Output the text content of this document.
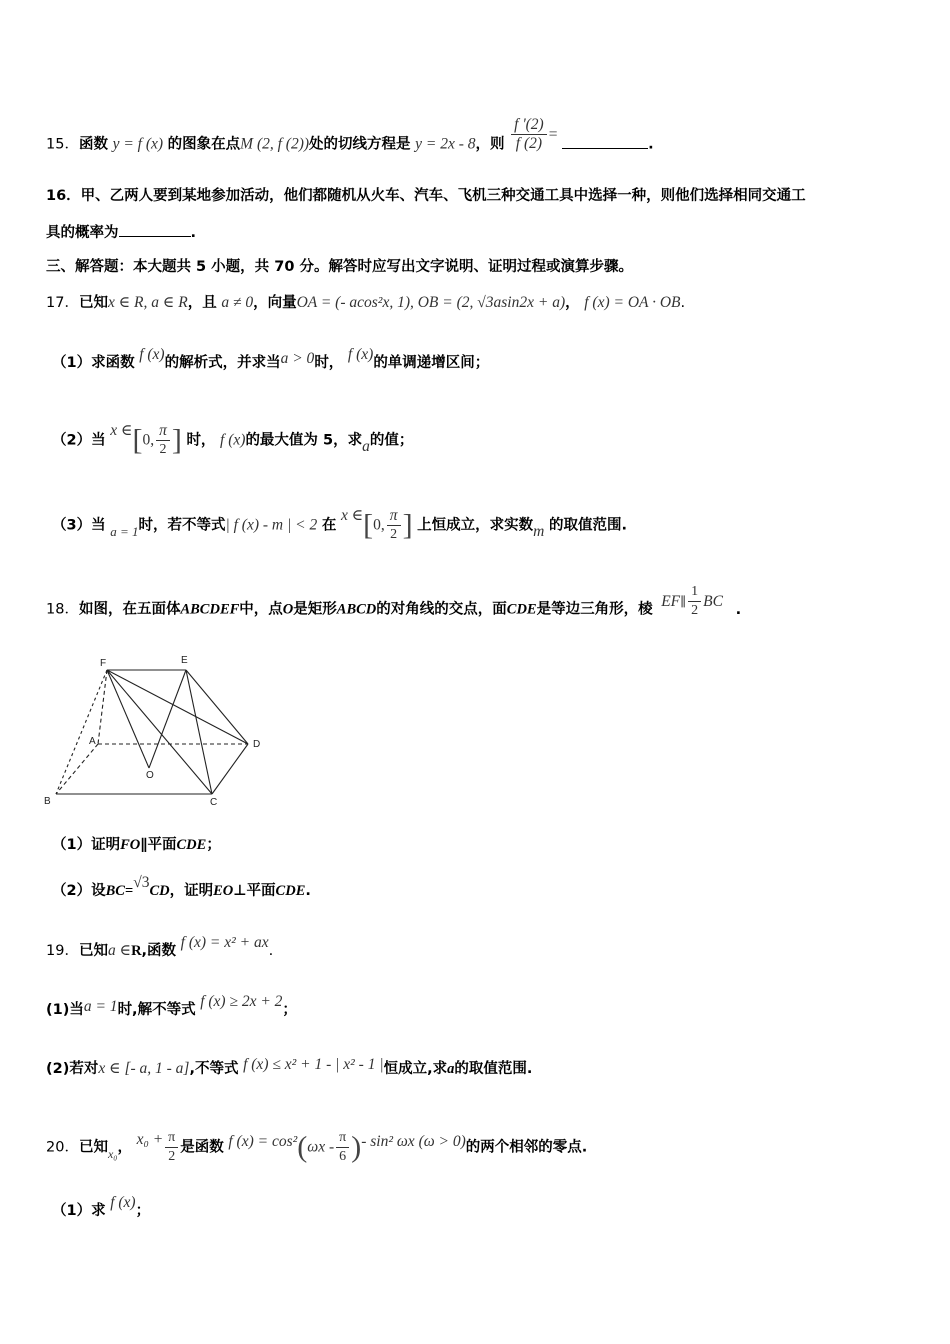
15．函数 y = f (x) 的图象在点M (2, f (2))处的切线方程是 y = 2x - 8，则 $\frac{f '(2)}{f (2)}$ = .
16．甲、乙两人要到某地参加活动，他们都随机从火车、汽车、飞机三种交通工具中选择一种，则他们选择相同交通工
具的概率为	.
三、解答题：本大题共 5 小题，共 70 分。解答时应写出文字说明、证明过程或演算步骤。
17．已知x ∈ R, a ∈ R，且 a ≠ 0，向量OA = (- acos²x, 1), OB = (2, √3asin2x + a)， f (x) = OA · OB.
（1）求函数 f (x)的解析式，并求当a > 0时， f (x)的单调递增区间；
（2）当 x ∈[0, $\frac{\pi}{2}$ ] 时， f (x)的最大值为 5，求a的值；
（3）当 a = 1时，若不等式| f (x) - m | < 2 在 x ∈[0, $\frac{\pi}{2}$ ] 上恒成立，求实数m 的取值范围.
18．如图，在五面体ABCDEF中，点O是矩形ABCD的对角线的交点，面CDE是等边三角形，棱 EF∥ $\frac{1}{2}$ BC .
F	E
A	D
O
B	C
（1）证明FO∥平面CDE；
（2）设BC=√3CD，证明EO⊥平面CDE.
19．已知a ∈R,函数 f (x) = x² + ax.
(1)当a = 1时,解不等式 f (x) ≥ 2x + 2；
(2)若对x ∈ [- a, 1 - a],不等式 f (x) ≤ x² + 1 - | x² - 1 |恒成立,求a的取值范围.
20．已知$_{x_0}$， $x_0 + \frac{\pi}{2}$ 是函数 f $(x) = \cos^2(\omega x - \frac{\pi}{6}$ )- sin² ωx (ω > 0)的两个相邻的零点.
（1）求 f (x)；
